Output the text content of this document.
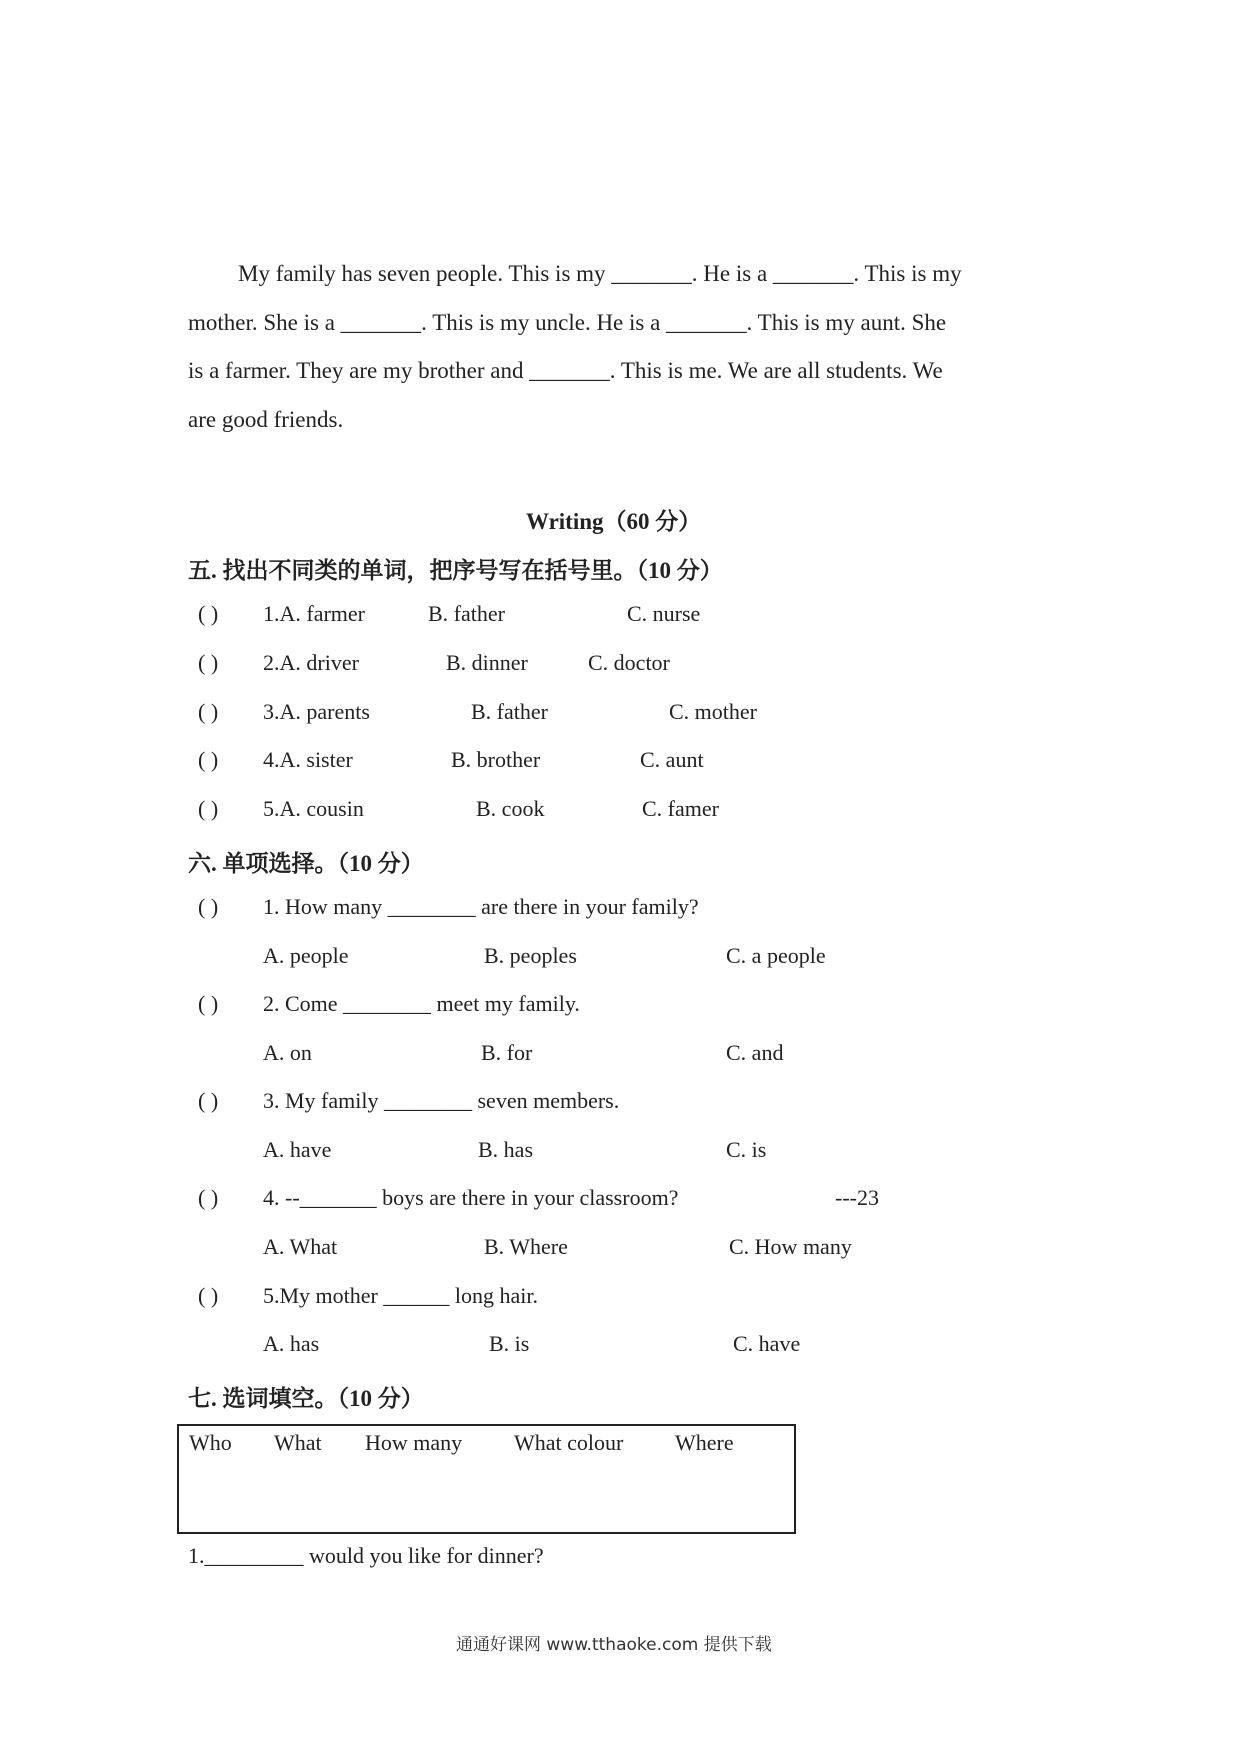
My family has seven people. This is my _______. He is a _______. This is my
mother. She is a _______. This is my uncle. He is a _______. This is my aunt. She
is a farmer. They are my brother and _______. This is me. We are all students. We
are good friends.
Writing（60 分）
五. 找出不同类的单词，把序号写在括号里。（10 分）
( ) 1.A. farmer	B. father	C. nurse
( ) 2.A. driver	B. dinner	C. doctor
( ) 3.A. parents	B. father	C. mother
( ) 4.A. sister	B. brother	C. aunt
( ) 5.A. cousin	B. cook	C. famer
六. 单项选择。（10 分）
( ) 1. How many ________ are there in your family?
A. people	B. peoples	C. a people
( ) 2. Come ________ meet my family.
A. on	B. for	C. and
( ) 3. My family ________ seven members.
A. have	B. has	C. is
( ) 4. --_______ boys are there in your classroom?	---23
A. What	B. Where	C. How many
( ) 5.My mother ______ long hair.
A. has	B. is	C. have
七. 选词填空。（10 分）
Who What How many What colour Where
1._________ would you like for dinner?
通通好课网 www.tthaoke.com 提供下载
